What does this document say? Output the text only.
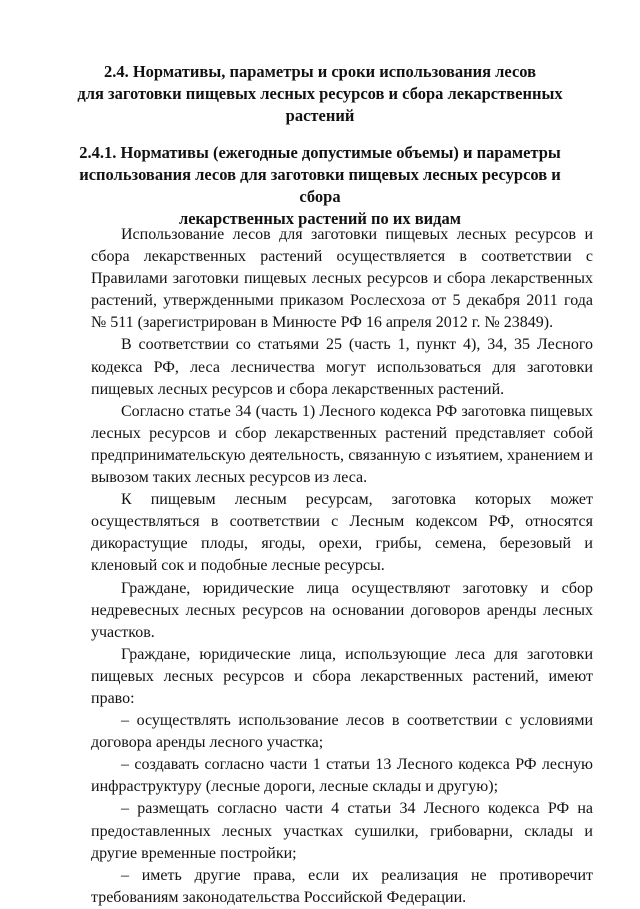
2.4. Нормативы, параметры и сроки использования лесов
для заготовки пищевых лесных ресурсов и сбора лекарственных
растений
2.4.1. Нормативы (ежегодные допустимые объемы) и параметры
использования лесов для заготовки пищевых лесных ресурсов и сбора
лекарственных растений по их видам

Использование лесов для заготовки пищевых лесных ресурсов и сбора лекарственных растений осуществляется в соответствии с Правилами заготовки пищевых лесных ресурсов и сбора лекарственных растений, утвержденными приказом Рослесхоза от 5 декабря 2011 года № 511 (зарегистрирован в Минюсте РФ 16 апреля 2012 г. № 23849).

В соответствии со статьями 25 (часть 1, пункт 4), 34, 35 Лесного кодекса РФ, леса лесничества могут использоваться для заготовки пищевых лесных ресурсов и сбора лекарственных растений.

Согласно статье 34 (часть 1) Лесного кодекса РФ заготовка пищевых лесных ресурсов и сбор лекарственных растений представляет собой предпринимательскую деятельность, связанную с изъятием, хранением и вывозом таких лесных ресурсов из леса.

К пищевым лесным ресурсам, заготовка которых может осуществляться в соответствии с Лесным кодексом РФ, относятся дикорастущие плоды, ягоды, орехи, грибы, семена, березовый и кленовый сок и подобные лесные ресурсы.

Граждане, юридические лица осуществляют заготовку и сбор недревесных лесных ресурсов на основании договоров аренды лесных участков.

Граждане, юридические лица, использующие леса для заготовки пищевых лесных ресурсов и сбора лекарственных растений, имеют право:

– осуществлять использование лесов в соответствии с условиями договора аренды лесного участка;

– создавать согласно части 1 статьи 13 Лесного кодекса РФ лесную инфраструктуру (лесные дороги, лесные склады и другую);

– размещать согласно части 4 статьи 34 Лесного кодекса РФ на предоставленных лесных участках сушилки, грибоварни, склады и другие временные постройки;

– иметь другие права, если их реализация не противоречит требованиям законодательства Российской Федерации.
